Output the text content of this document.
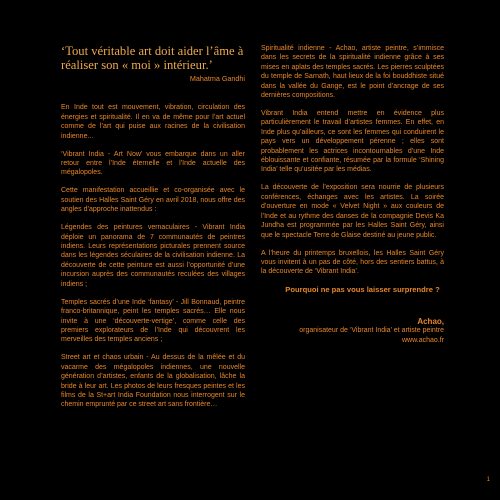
‘Tout véritable art doit aider l’âme à réaliser son « moi » intérieur.’

Mahatma Gandhi

En Inde tout est mouvement, vibration, circulation des énergies et spiritualité. Il en va de même pour l’art actuel comme de l’art qui puise aux racines de la civilisation indienne...

‘Vibrant India - Art Now’ vous embarque dans un aller retour entre l’Inde éternelle et l’Inde actuelle des mégalopoles.

Cette manifestation accueillie et co-organisée avec le soutien des Halles Saint Géry en avril 2018, nous offre des angles d’approche inattendus :

Légendes des peintures vernaculaires - Vibrant India déploie un panorama de 7 communautés de peintres indiens. Leurs représentations picturales prennent source dans les légendes séculaires de la civilisation indienne. La découverte de cette peinture est aussi l’opportunité d’une incursion auprès des communautés reculées des villages indiens ;

Temples sacrés d’une Inde ‘fantasy’ - Jill Bonnaud, peintre franco-britannique, peint les temples sacrés… Elle nous invite à une ‘découverte-vertige’, comme celle des premiers explorateurs de l’Inde qui découvrent les merveilles des temples anciens ;

Street art et chaos urbain - Au dessus de la mêlée et du vacarme des mégalopoles indiennes, une nouvelle génération d’artistes, enfants de la globalisation, lâche la bride à leur art. Les photos de leurs fresques peintes et les films de la St+art India Foundation nous interrogent sur le chemin emprunté par ce street art sans frontière…

Spiritualité indienne - Achao, artiste peintre, s’immisce dans les secrets de la spiritualité indienne grâce à ses mises en aplats des temples sacrés. Les pierres sculptées du temple de Sarnath, haut lieux de la foi bouddhiste situé dans la vallée du Gange, est le point d’ancrage de ses dernières compositions.

Vibrant India entend mettre en évidence plus particulièrement le travail d’artistes femmes. En effet, en Inde plus qu’ailleurs, ce sont les femmes qui conduirent le pays vers un développement pérenne ; elles sont probablement les actrices incontournables d’une Inde éblouissante et confiante, résumée par la formule ‘Shining India’ telle qu’usitée par les médias.

La découverte de l’exposition sera nourrie de plusieurs conférences, échanges avec les artistes. La soirée d’ouverture en mode « Velvet Night » aux couleurs de l’Inde et au rythme des danses de la compagnie Devis Ka Jundha est programmée par les Halles Saint Géry, ainsi que le spectacle Terre de Glaise destiné au jeune public.

A l’heure du printemps bruxellois, les Halles Saint Géry vous invitent à un pas de côté, hors des sentiers battus, à la découverte de ‘Vibrant India’.

Pourquoi ne pas vous laisser surprendre ?

Achao,
organisateur de ‘Vibrant India’ et artiste peintre
www.achao.fr
1
